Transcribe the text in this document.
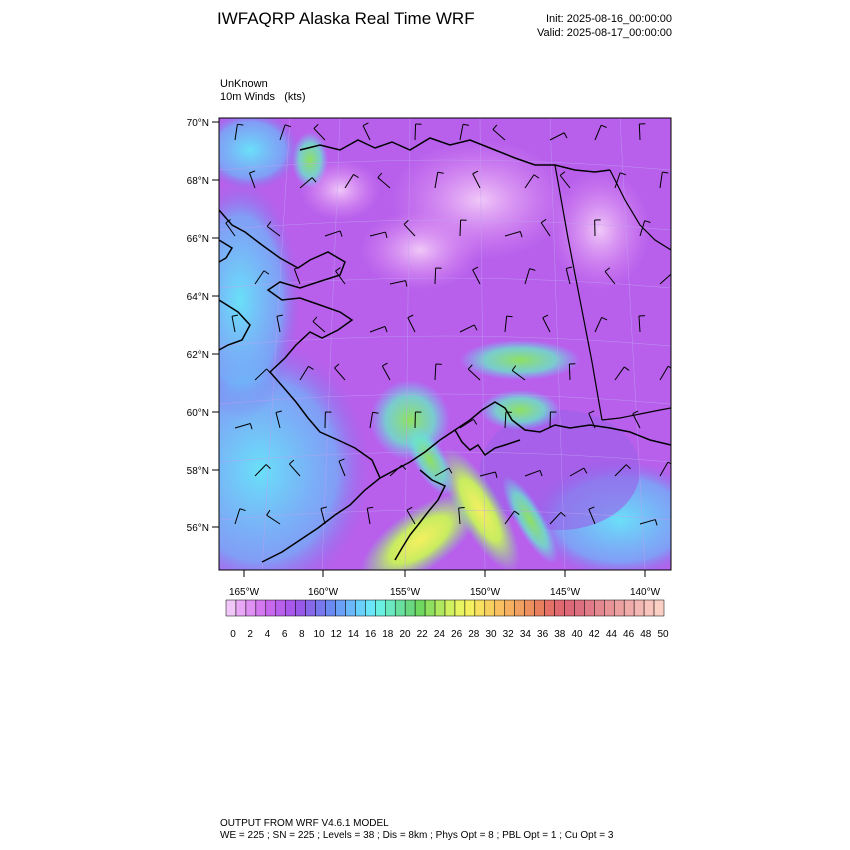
IWFAQRP Alaska Real Time WRF	Init: 2025-08-16_00:00:00
Valid: 2025-08-17_00:00:00
UnKnown
10m Winds (kts)
70°N
68°N
66°N
64°N
62°N
60°N
58°N
56°N
165°W	160°W	155°W	150°W	145°W	140°W
0 2 4 6 8 10 12 14 16 18 20 22 24 26 28 30 32 34 36 38 40 42 44 46 48 50
OUTPUT FROM WRF V4.6.1 MODEL
WE = 225 ; SN = 225 ; Levels = 38 ; Dis = 8km ; Phys Opt = 8 ; PBL Opt = 1 ; Cu Opt = 3
